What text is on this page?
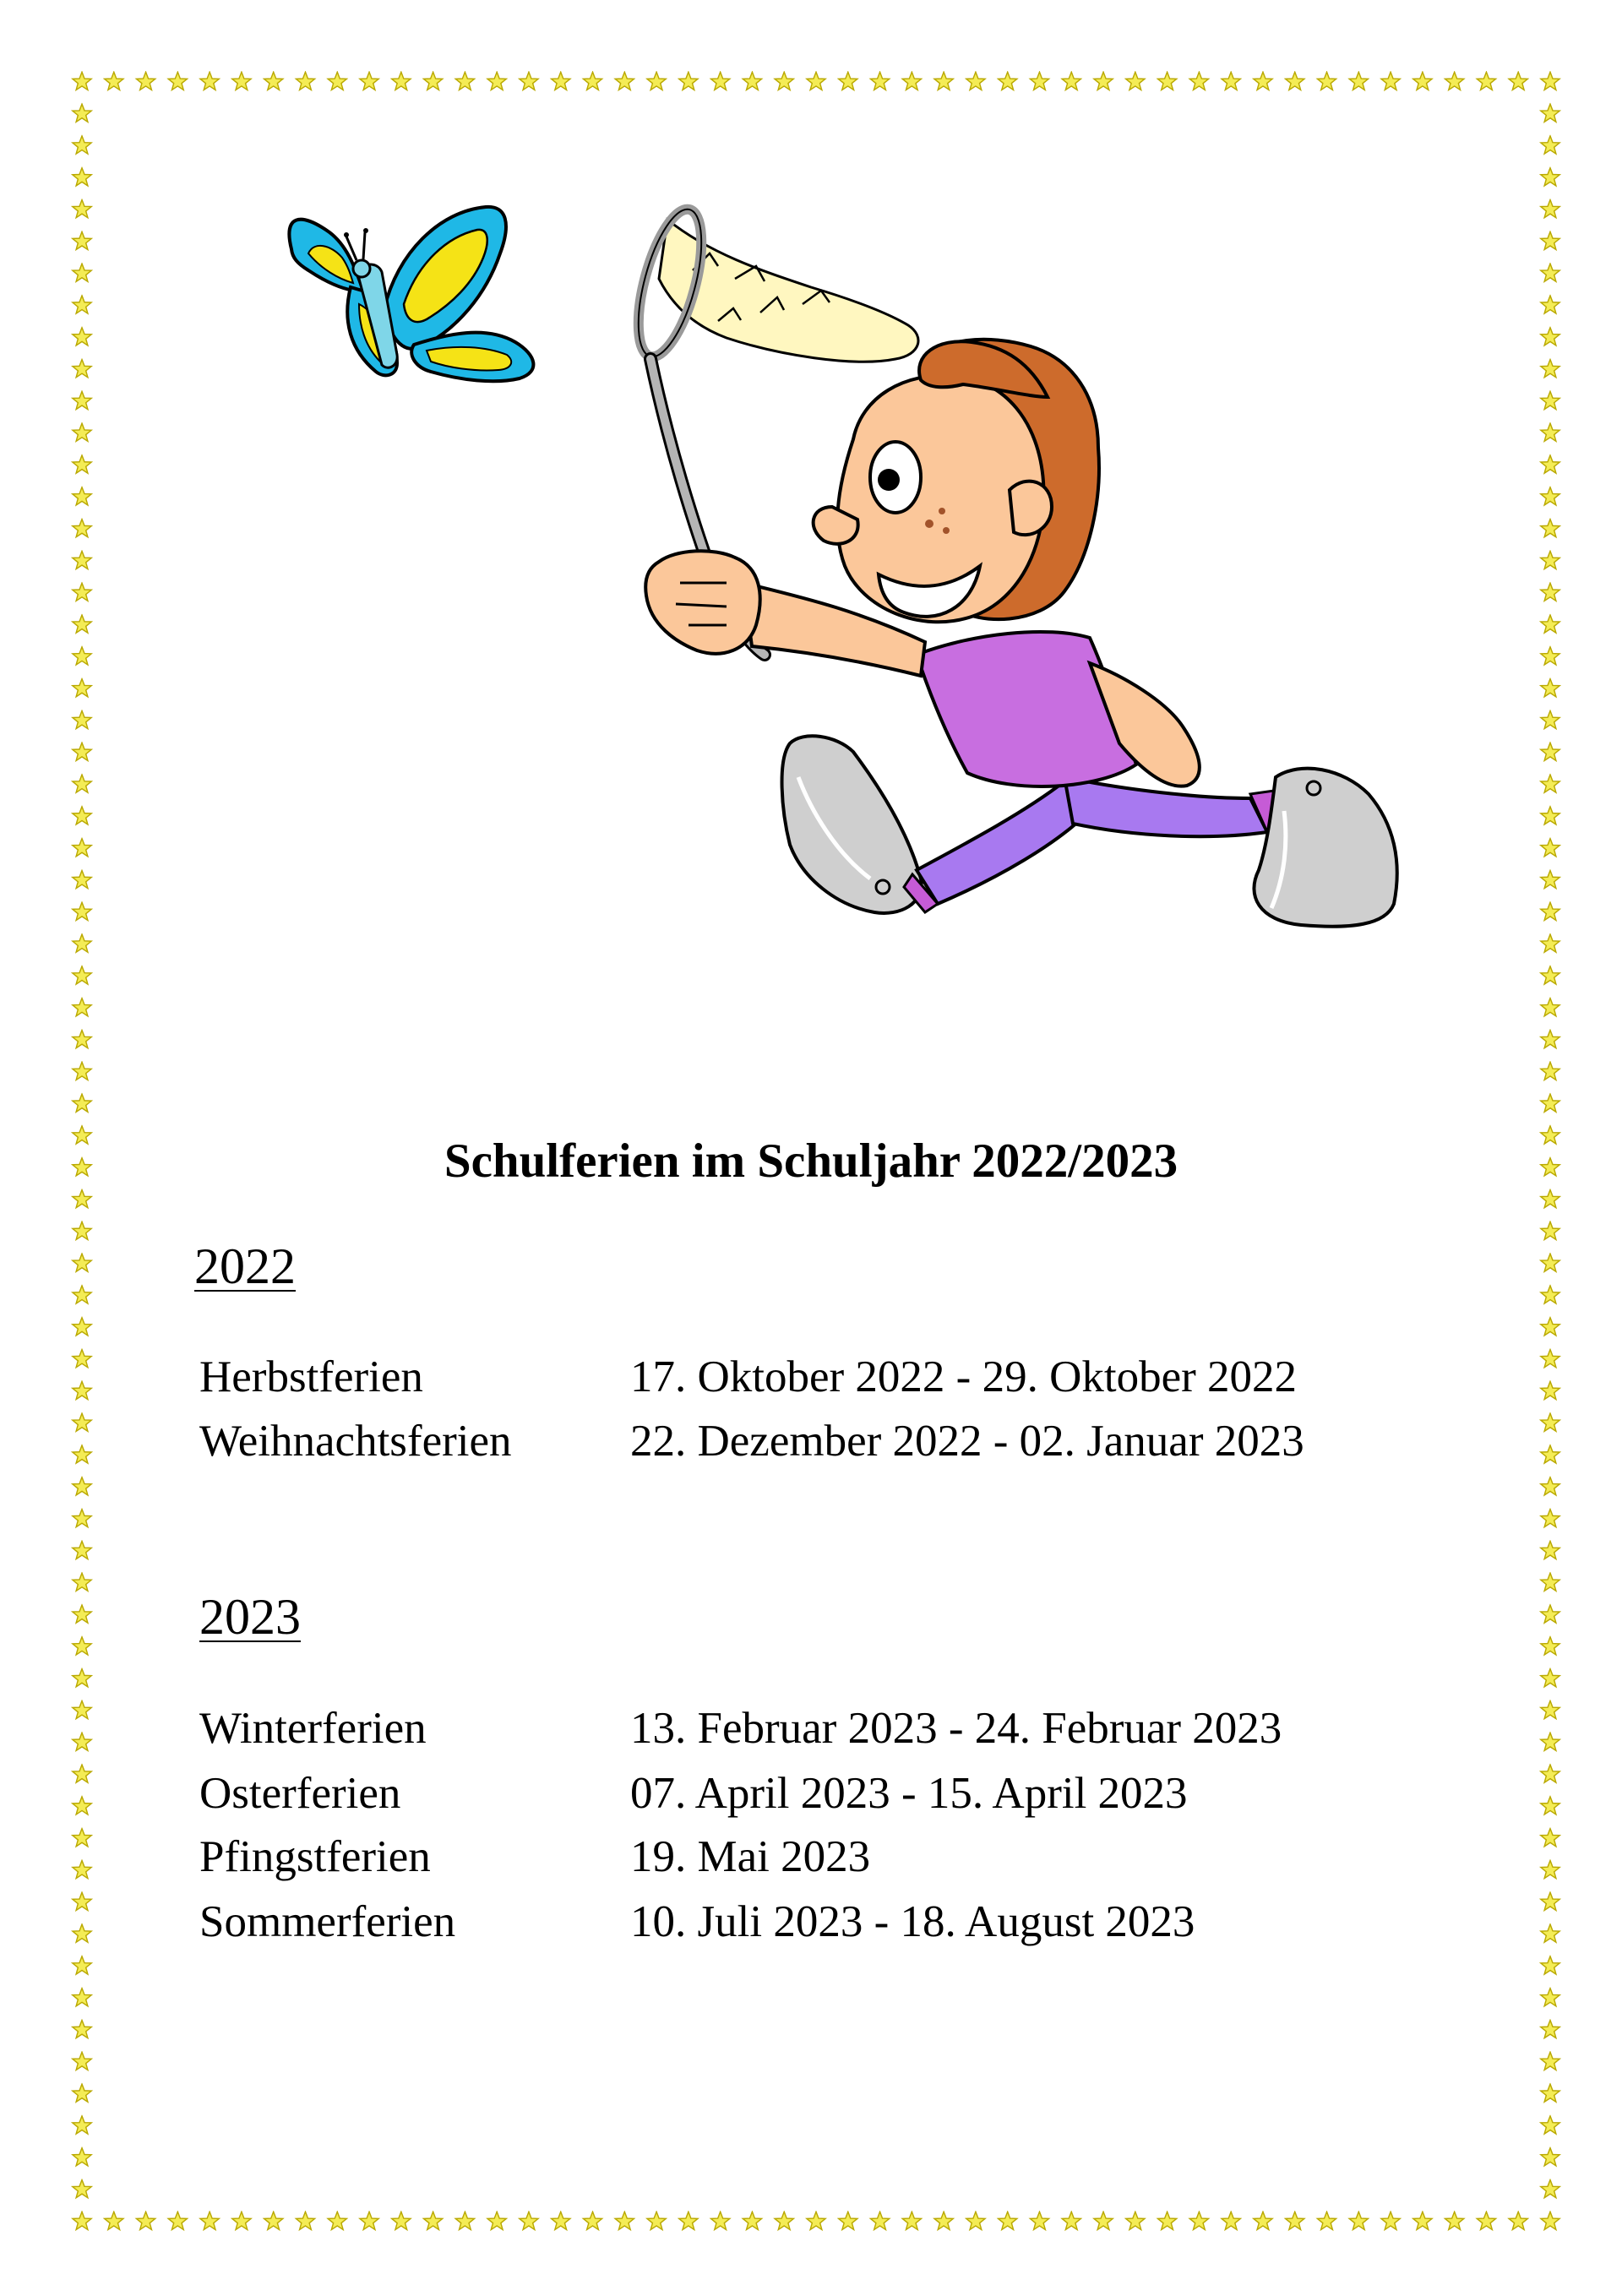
Schulferien im Schuljahr 2022/2023
2022
Herbstferien	17. Oktober 2022 - 29. Oktober 2022
Weihnachtsferien	22. Dezember 2022 - 02. Januar 2023
2023
Winterferien	13. Februar 2023 - 24. Februar 2023
Osterferien	07. April 2023 - 15. April 2023
Pfingstferien	19. Mai 2023
Sommerferien	10. Juli 2023 - 18. August 2023
